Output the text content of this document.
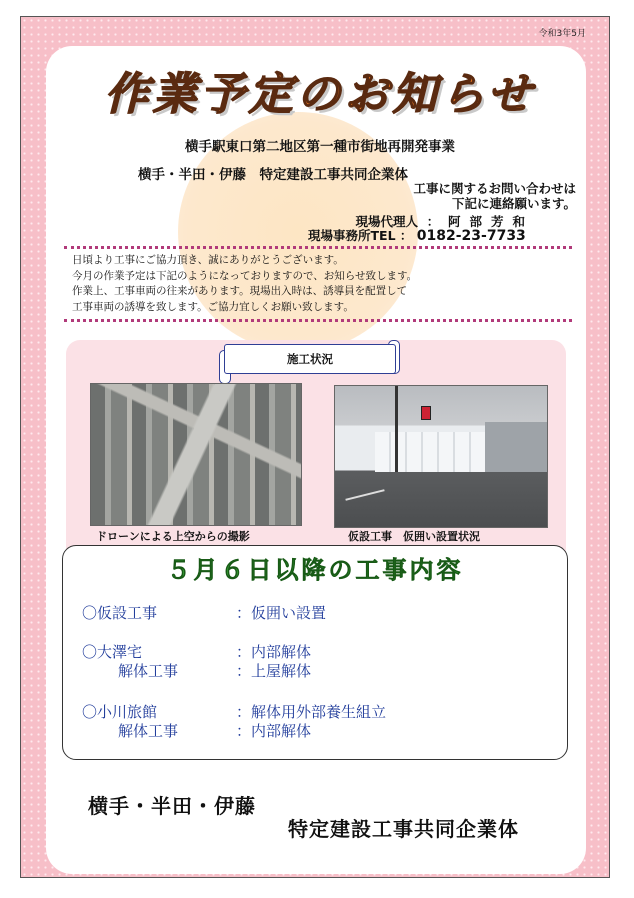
令和3年5月
作業予定のお知らせ
横手駅東口第二地区第一種市街地再開発事業
横手・半田・伊藤　特定建設工事共同企業体
工事に関するお問い合わせは
下記に連絡願います。
現場代理人  ：  阿部芳和
現場事務所TEL ： 0182-23-7733
日頃より工事にご協力頂き、誠にありがとうございます。
今月の作業予定は下記のようになっておりますので、お知らせ致します。
作業上、工事車両の往来があります。現場出入時は、誘導員を配置して
工事車両の誘導を致します。ご協力宜しくお願い致します。
施工状況
ドローンによる上空からの撮影	仮設工事　仮囲い設置状況
５月６日以降の工事内容
〇仮設工事	：仮囲い設置
〇大澤宅	：内部解体
解体工事	：上屋解体
〇小川旅館	：解体用外部養生組立
解体工事	：内部解体
横手・半田・伊藤
特定建設工事共同企業体
